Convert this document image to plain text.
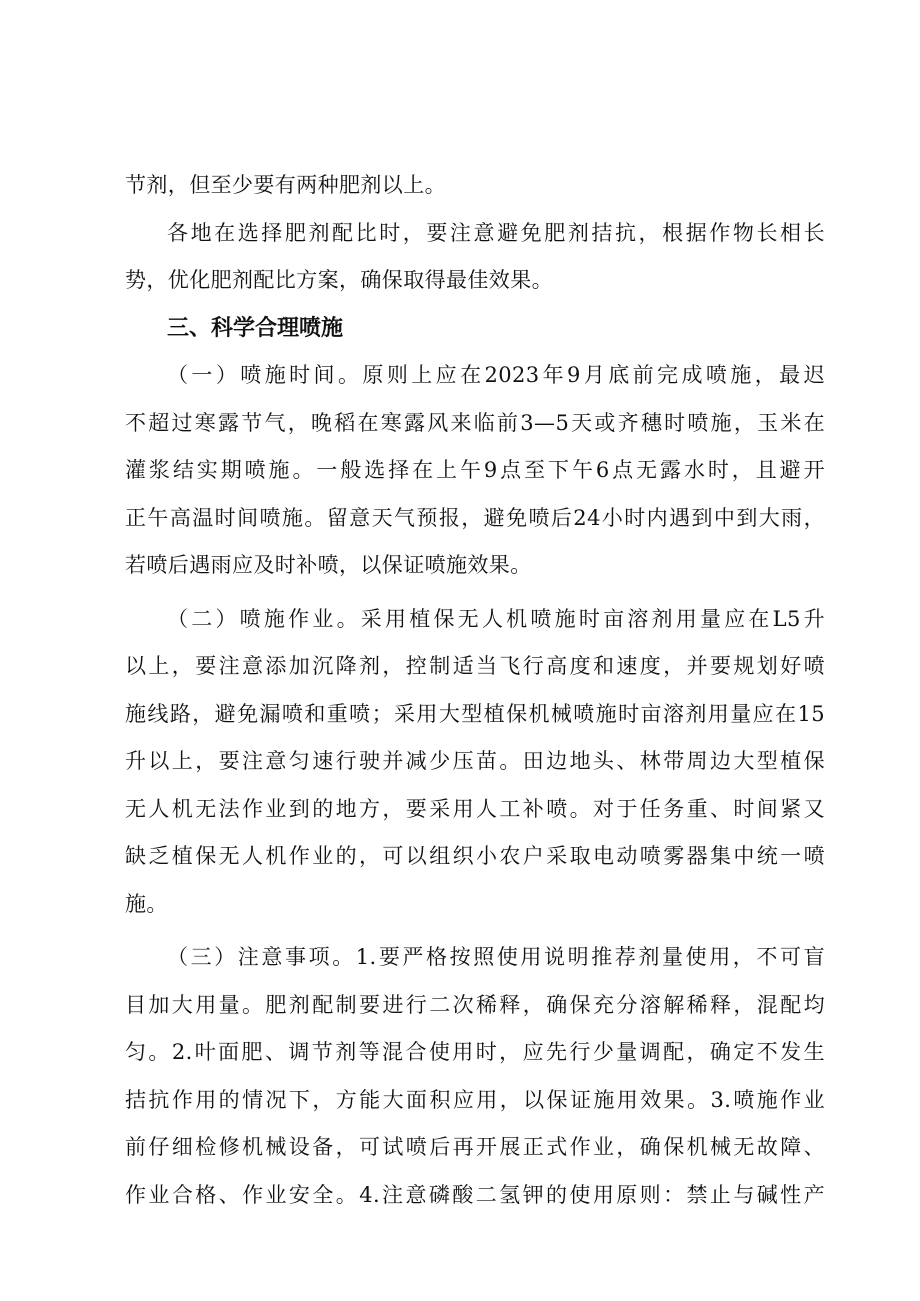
节剂，但至少要有两种肥剂以上。
各地在选择肥剂配比时，要注意避免肥剂拮抗，根据作物长相长
势，优化肥剂配比方案，确保取得最佳效果。
三、科学合理喷施
（一）喷施时间。原则上应在2023年9月底前完成喷施，最迟
不超过寒露节气，晚稻在寒露风来临前3—5天或齐穗时喷施，玉米在
灌浆结实期喷施。一般选择在上午9点至下午6点无露水时，且避开
正午高温时间喷施。留意天气预报，避免喷后24小时内遇到中到大雨，
若喷后遇雨应及时补喷，以保证喷施效果。
（二）喷施作业。采用植保无人机喷施时亩溶剂用量应在L5升
以上，要注意添加沉降剂，控制适当飞行高度和速度，并要规划好喷
施线路，避免漏喷和重喷；采用大型植保机械喷施时亩溶剂用量应在15
升以上，要注意匀速行驶并减少压苗。田边地头、林带周边大型植保
无人机无法作业到的地方，要采用人工补喷。对于任务重、时间紧又
缺乏植保无人机作业的，可以组织小农户采取电动喷雾器集中统一喷
施。
（三）注意事项。1.要严格按照使用说明推荐剂量使用，不可盲
目加大用量。肥剂配制要进行二次稀释，确保充分溶解稀释，混配均
匀。2.叶面肥、调节剂等混合使用时，应先行少量调配，确定不发生
拮抗作用的情况下，方能大面积应用，以保证施用效果。3.喷施作业
前仔细检修机械设备，可试喷后再开展正式作业，确保机械无故障、
作业合格、作业安全。4.注意磷酸二氢钾的使用原则：禁止与碱性产
